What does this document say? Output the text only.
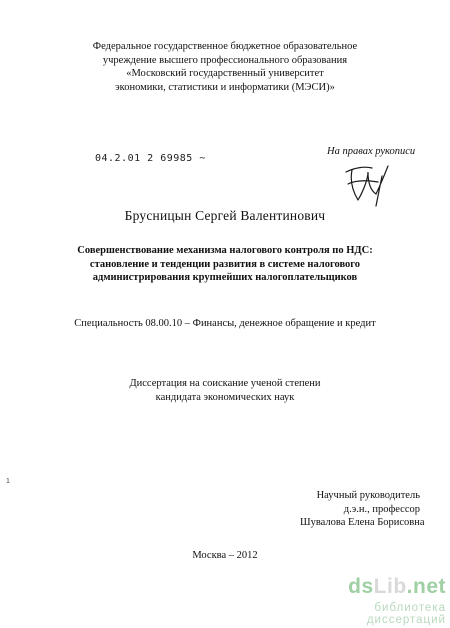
Федеральное государственное бюджетное образовательное
учреждение высшего профессионального образования
«Московский государственный университет
экономики, статистики и информатики (МЭСИ)»
04.2.01 2 69985 ~
На правах рукописи
Брусницын Сергей Валентинович
Совершенствование механизма налогового контроля по НДС:
становление и тенденции развития в системе налогового
администрирования крупнейших налогоплательщиков
Специальность 08.00.10 – Финансы, денежное обращение и кредит
Диссертация на соискание ученой степени
кандидата экономических наук
1
Научный руководитель
д.э.н., профессор
Шувалова Елена Борисовна
Москва – 2012
dsLib.net
библиотека диссертаций
